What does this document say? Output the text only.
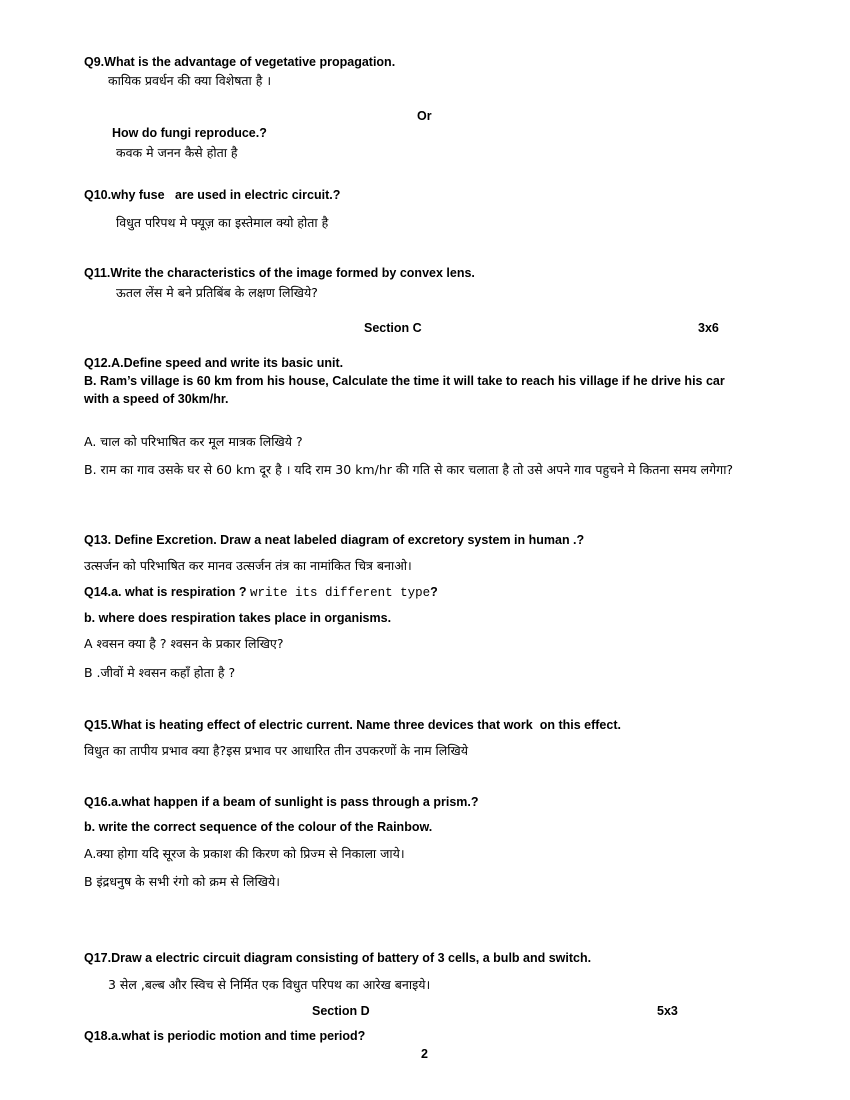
Q9.What is the advantage of vegetative propagation.
कायिक प्रवर्धन की क्या विशेषता है ।
Or
How do fungi reproduce.?
कवक मे जनन कैसे होता है
Q10.why fuse   are used in electric circuit.?
विधुत परिपथ मे फ्यूज़ का इस्तेमाल क्यो होता है
Q11.Write the characteristics of the image formed by convex lens.
ऊतल लेंस मे बने प्रतिबिंब के लक्षण लिखिये?
Section C	3x6
Q12.A.Define speed and write its basic unit.
B. Ram’s village is 60 km from his house, Calculate the time it will take to reach his village if he drive his car with a speed of 30km/hr.
A. चाल को परिभाषित कर मूल मात्रक लिखिये ?
B. राम का गाव उसके घर से 60 km दूर है । यदि राम 30 km/hr की गति से कार चलाता है तो उसे अपने गाव पहुचने मे कितना समय लगेगा?
Q13. Define Excretion. Draw a neat labeled diagram of excretory system in human .?
उत्सर्जन को परिभाषित कर मानव उत्सर्जन तंत्र का नामांकित चित्र बनाओ।
Q14.a. what is respiration ? write its different type?
b. where does respiration takes place in organisms.
A श्वसन क्या है ? श्वसन के प्रकार लिखिए?
B .जीवों मे श्वसन कहाँ होता है ?
Q15.What is heating effect of electric current. Name three devices that work  on this effect.
विधुत का तापीय प्रभाव क्या है?इस प्रभाव पर आधारित तीन उपकरणों के नाम लिखिये
Q16.a.what happen if a beam of sunlight is pass through a prism.?
b. write the correct sequence of the colour of the Rainbow.
A.क्या होगा यदि सूरज के प्रकाश की किरण को प्रिज्म से निकाला जाये।
B इंद्रधनुष के सभी रंगो को क्रम से लिखिये।
Q17.Draw a electric circuit diagram consisting of battery of 3 cells, a bulb and switch.
3 सेल ,बल्ब और स्विच से निर्मित एक विधुत परिपथ का आरेख बनाइये।
Section D	5x3
Q18.a.what is periodic motion and time period?
2
